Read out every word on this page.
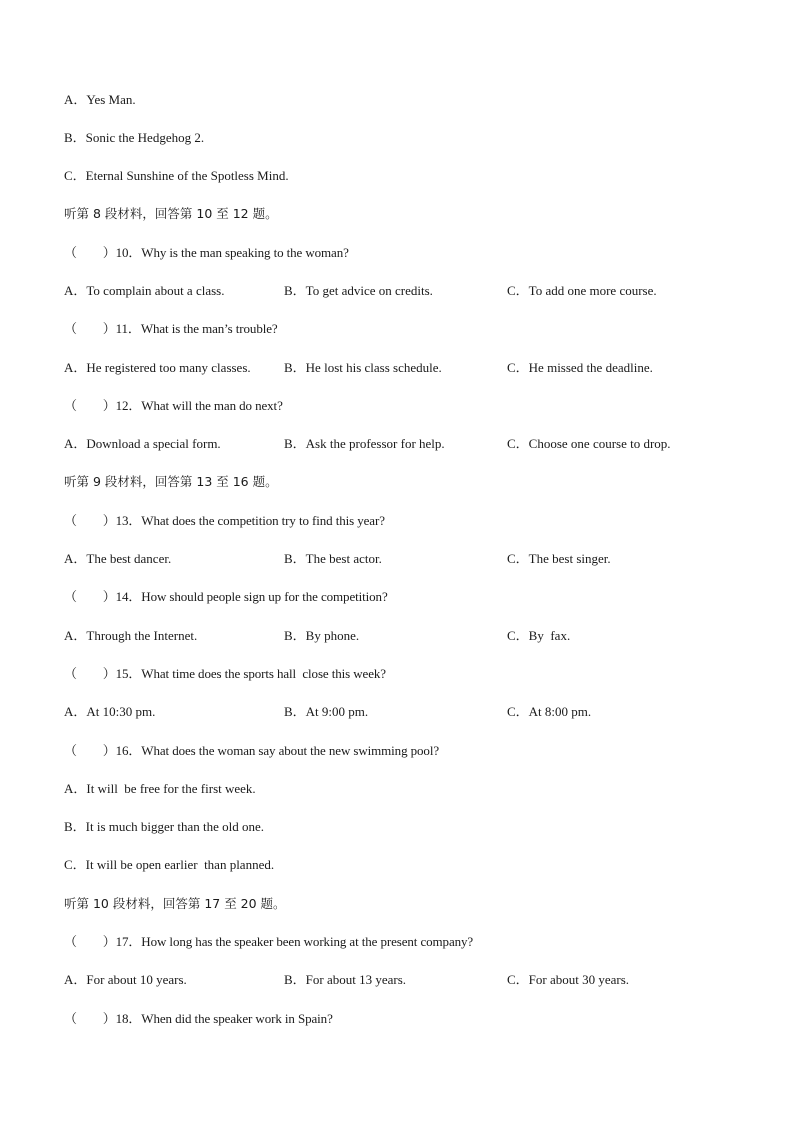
A．Yes Man.
B．Sonic the Hedgehog 2.
C．Eternal Sunshine of the Spotless Mind.
听第 8 段材料，回答第 10 至 12 题。
（　　）10．Why is the man speaking to the woman?
A．To complain about a class.	B．To get advice on credits.	C．To add one more course.
（　　）11．What is the man’s trouble?
A．He registered too many classes.	B．He lost his class schedule.	C．He missed the deadline.
（　　）12．What will the man do next?
A．Download a special form.	B．Ask the professor for help.	C．Choose one course to drop.
听第 9 段材料，回答第 13 至 16 题。
（　　）13．What does the competition try to find this year?
A．The best dancer.	B．The best actor.	C．The best singer.
（　　）14．How should people sign up for the competition?
A．Through the Internet.	B．By phone.	C．By  fax.
（　　）15．What time does the sports hall  close this week?
A．At 10:30 pm.	B．At 9:00 pm.	C．At 8:00 pm.
（　　）16．What does the woman say about the new swimming pool?
A．It will  be free for the first week.
B．It is much bigger than the old one.
C．It will be open earlier  than planned.
听第 10 段材料，回答第 17 至 20 题。
（　　）17．How long has the speaker been working at the present company?
A．For about 10 years.	B．For about 13 years.	C．For about 30 years.
（　　）18．When did the speaker work in Spain?
